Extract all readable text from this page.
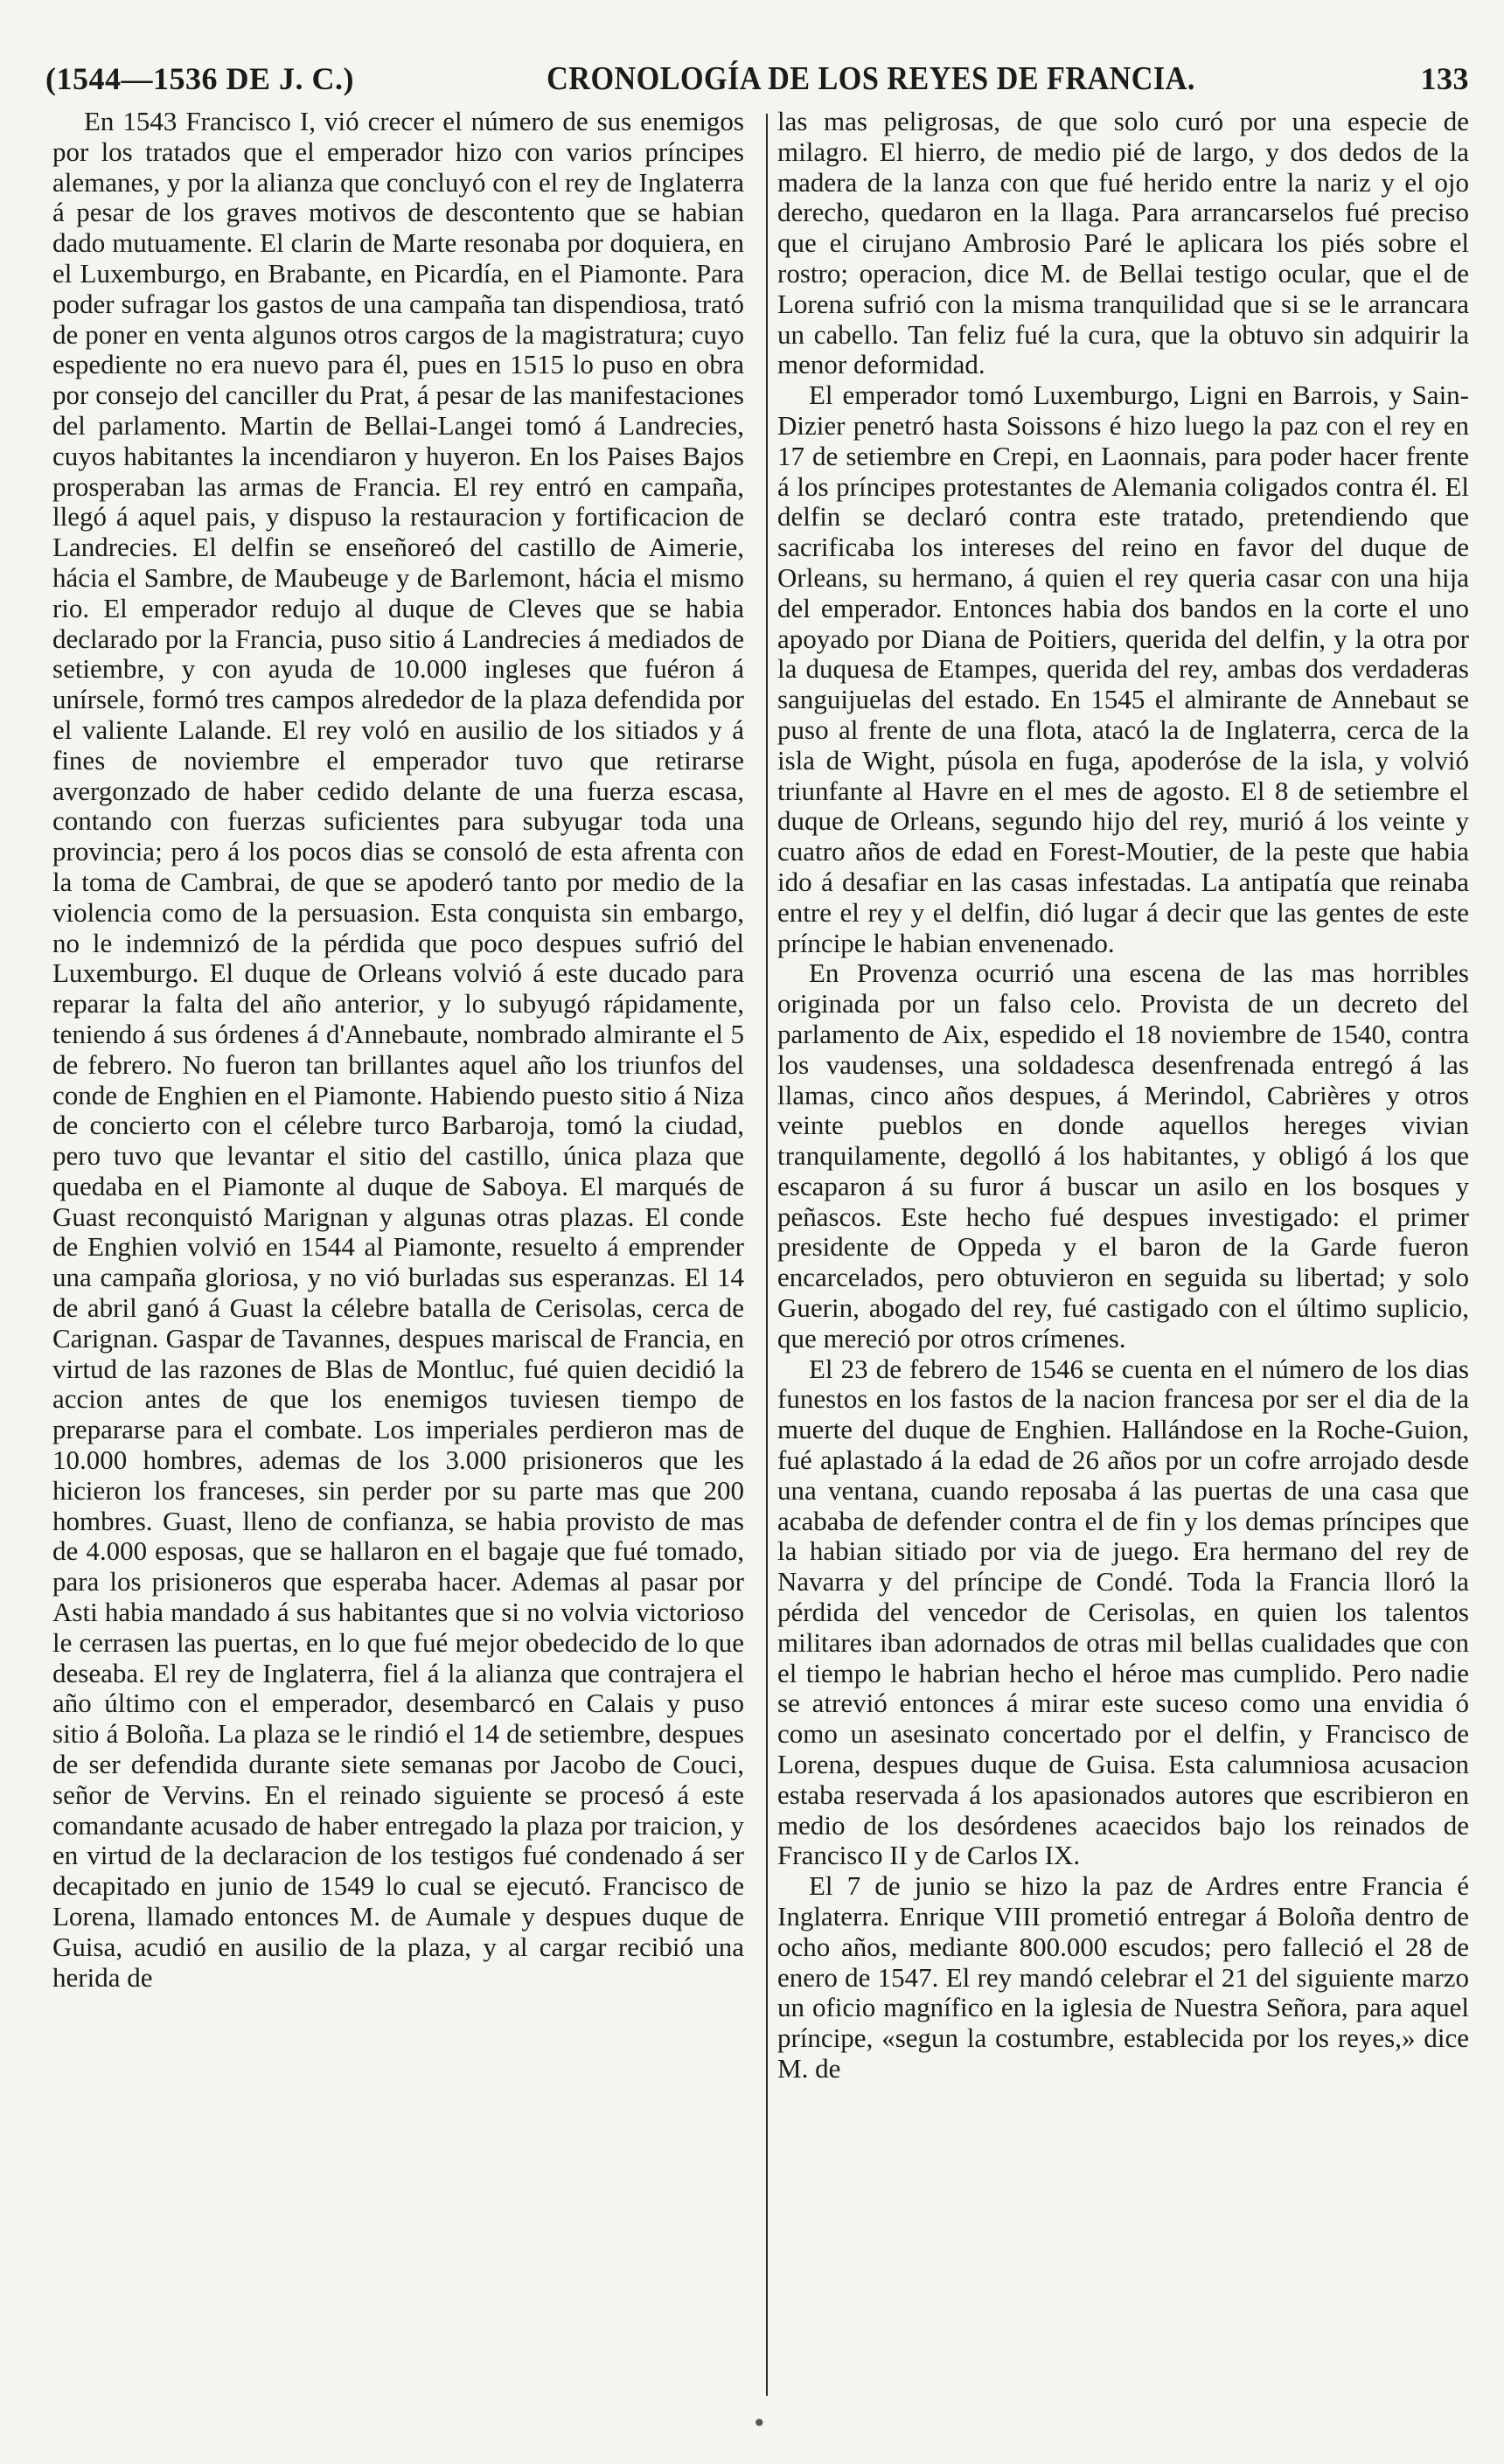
(1544—1536 DE J. C.)	CRONOLOGÍA DE LOS REYES DE FRANCIA.	133

En 1543 Francisco I, vió crecer el número de sus enemigos por los tratados que el emperador hizo con varios príncipes alemanes, y por la alianza que concluyó con el rey de Inglaterra á pesar de los graves motivos de descontento que se habian dado mutuamente. El clarin de Marte resonaba por doquiera, en el Luxemburgo, en Brabante, en Picardía, en el Piamonte. Para poder sufragar los gastos de una campaña tan dispendiosa, trató de poner en venta algunos otros cargos de la magistratura; cuyo espediente no era nuevo para él, pues en 1515 lo puso en obra por consejo del canciller du Prat, á pesar de las manifestaciones del parlamento. Martin de Bellai-Langei tomó á Landrecies, cuyos habitantes la incendiaron y huyeron. En los Paises Bajos prosperaban las armas de Francia. El rey entró en campaña, llegó á aquel pais, y dispuso la restauracion y fortificacion de Landrecies. El delfin se enseñoreó del castillo de Aimerie, hácia el Sambre, de Maubeuge y de Barlemont, hácia el mismo rio. El emperador redujo al duque de Cleves que se habia declarado por la Francia, puso sitio á Landrecies á mediados de setiembre, y con ayuda de 10.000 ingleses que fuéron á unírsele, formó tres campos alrededor de la plaza defendida por el valiente Lalande. El rey voló en ausilio de los sitiados y á fines de noviembre el emperador tuvo que retirarse avergonzado de haber cedido delante de una fuerza escasa, contando con fuerzas suficientes para subyugar toda una provincia; pero á los pocos dias se consoló de esta afrenta con la toma de Cambrai, de que se apoderó tanto por medio de la violencia como de la persuasion. Esta conquista sin embargo, no le indemnizó de la pérdida que poco despues sufrió del Luxemburgo. El duque de Orleans volvió á este ducado para reparar la falta del año anterior, y lo subyugó rápidamente, teniendo á sus órdenes á d'Annebaute, nombrado almirante el 5 de febrero. No fueron tan brillantes aquel año los triunfos del conde de Enghien en el Piamonte. Habiendo puesto sitio á Niza de concierto con el célebre turco Barbaroja, tomó la ciudad, pero tuvo que levantar el sitio del castillo, única plaza que quedaba en el Piamonte al duque de Saboya. El marqués de Guast reconquistó Marignan y algunas otras plazas. El conde de Enghien volvió en 1544 al Piamonte, resuelto á emprender una campaña gloriosa, y no vió burladas sus esperanzas. El 14 de abril ganó á Guast la célebre batalla de Cerisolas, cerca de Carignan. Gaspar de Tavannes, despues mariscal de Francia, en virtud de las razones de Blas de Montluc, fué quien decidió la accion antes de que los enemigos tuviesen tiempo de prepararse para el combate. Los imperiales perdieron mas de 10.000 hombres, ademas de los 3.000 prisioneros que les hicieron los franceses, sin perder por su parte mas que 200 hombres. Guast, lleno de confianza, se habia provisto de mas de 4.000 esposas, que se hallaron en el bagaje que fué tomado, para los prisioneros que esperaba hacer. Ademas al pasar por Asti habia mandado á sus habitantes que si no volvia victorioso le cerrasen las puertas, en lo que fué mejor obedecido de lo que deseaba. El rey de Inglaterra, fiel á la alianza que contrajera el año último con el emperador, desembarcó en Calais y puso sitio á Boloña. La plaza se le rindió el 14 de setiembre, despues de ser defendida durante siete semanas por Jacobo de Couci, señor de Vervins. En el reinado siguiente se procesó á este comandante acusado de haber entregado la plaza por traicion, y en virtud de la declaracion de los testigos fué condenado á ser decapitado en junio de 1549 lo cual se ejecutó. Francisco de Lorena, llamado entonces M. de Aumale y despues duque de Guisa, acudió en ausilio de la plaza, y al cargar recibió una herida de

las mas peligrosas, de que solo curó por una especie de milagro. El hierro, de medio pié de largo, y dos dedos de la madera de la lanza con que fué herido entre la nariz y el ojo derecho, quedaron en la llaga. Para arrancarselos fué preciso que el cirujano Ambrosio Paré le aplicara los piés sobre el rostro; operacion, dice M. de Bellai testigo ocular, que el de Lorena sufrió con la misma tranquilidad que si se le arrancara un cabello. Tan feliz fué la cura, que la obtuvo sin adquirir la menor deformidad.

El emperador tomó Luxemburgo, Ligni en Barrois, y Sain-Dizier penetró hasta Soissons é hizo luego la paz con el rey en 17 de setiembre en Crepi, en Laonnais, para poder hacer frente á los príncipes protestantes de Alemania coligados contra él. El delfin se declaró contra este tratado, pretendiendo que sacrificaba los intereses del reino en favor del duque de Orleans, su hermano, á quien el rey queria casar con una hija del emperador. Entonces habia dos bandos en la corte el uno apoyado por Diana de Poitiers, querida del delfin, y la otra por la duquesa de Etampes, querida del rey, ambas dos verdaderas sanguijuelas del estado. En 1545 el almirante de Annebaut se puso al frente de una flota, atacó la de Inglaterra, cerca de la isla de Wight, púsola en fuga, apoderóse de la isla, y volvió triunfante al Havre en el mes de agosto. El 8 de setiembre el duque de Orleans, segundo hijo del rey, murió á los veinte y cuatro años de edad en Forest-Moutier, de la peste que habia ido á desafiar en las casas infestadas. La antipatía que reinaba entre el rey y el delfin, dió lugar á decir que las gentes de este príncipe le habian envenenado.

En Provenza ocurrió una escena de las mas horribles originada por un falso celo. Provista de un decreto del parlamento de Aix, espedido el 18 noviembre de 1540, contra los vaudenses, una soldadesca desenfrenada entregó á las llamas, cinco años despues, á Merindol, Cabrières y otros veinte pueblos en donde aquellos hereges vivian tranquilamente, degolló á los habitantes, y obligó á los que escaparon á su furor á buscar un asilo en los bosques y peñascos. Este hecho fué despues investigado: el primer presidente de Oppeda y el baron de la Garde fueron encarcelados, pero obtuvieron en seguida su libertad; y solo Guerin, abogado del rey, fué castigado con el último suplicio, que mereció por otros crímenes.

El 23 de febrero de 1546 se cuenta en el número de los dias funestos en los fastos de la nacion francesa por ser el dia de la muerte del duque de Enghien. Hallándose en la Roche-Guion, fué aplastado á la edad de 26 años por un cofre arrojado desde una ventana, cuando reposaba á las puertas de una casa que acababa de defender contra el de fin y los demas príncipes que la habian sitiado por via de juego. Era hermano del rey de Navarra y del príncipe de Condé. Toda la Francia lloró la pérdida del vencedor de Cerisolas, en quien los talentos militares iban adornados de otras mil bellas cualidades que con el tiempo le habrian hecho el héroe mas cumplido. Pero nadie se atrevió entonces á mirar este suceso como una envidia ó como un asesinato concertado por el delfin, y Francisco de Lorena, despues duque de Guisa. Esta calumniosa acusacion estaba reservada á los apasionados autores que escribieron en medio de los desórdenes acaecidos bajo los reinados de Francisco II y de Carlos IX.

El 7 de junio se hizo la paz de Ardres entre Francia é Inglaterra. Enrique VIII prometió entregar á Boloña dentro de ocho años, mediante 800.000 escudos; pero falleció el 28 de enero de 1547. El rey mandó celebrar el 21 del siguiente marzo un oficio magnífico en la iglesia de Nuestra Señora, para aquel príncipe, «segun la costumbre, establecida por los reyes,» dice M. de

•
